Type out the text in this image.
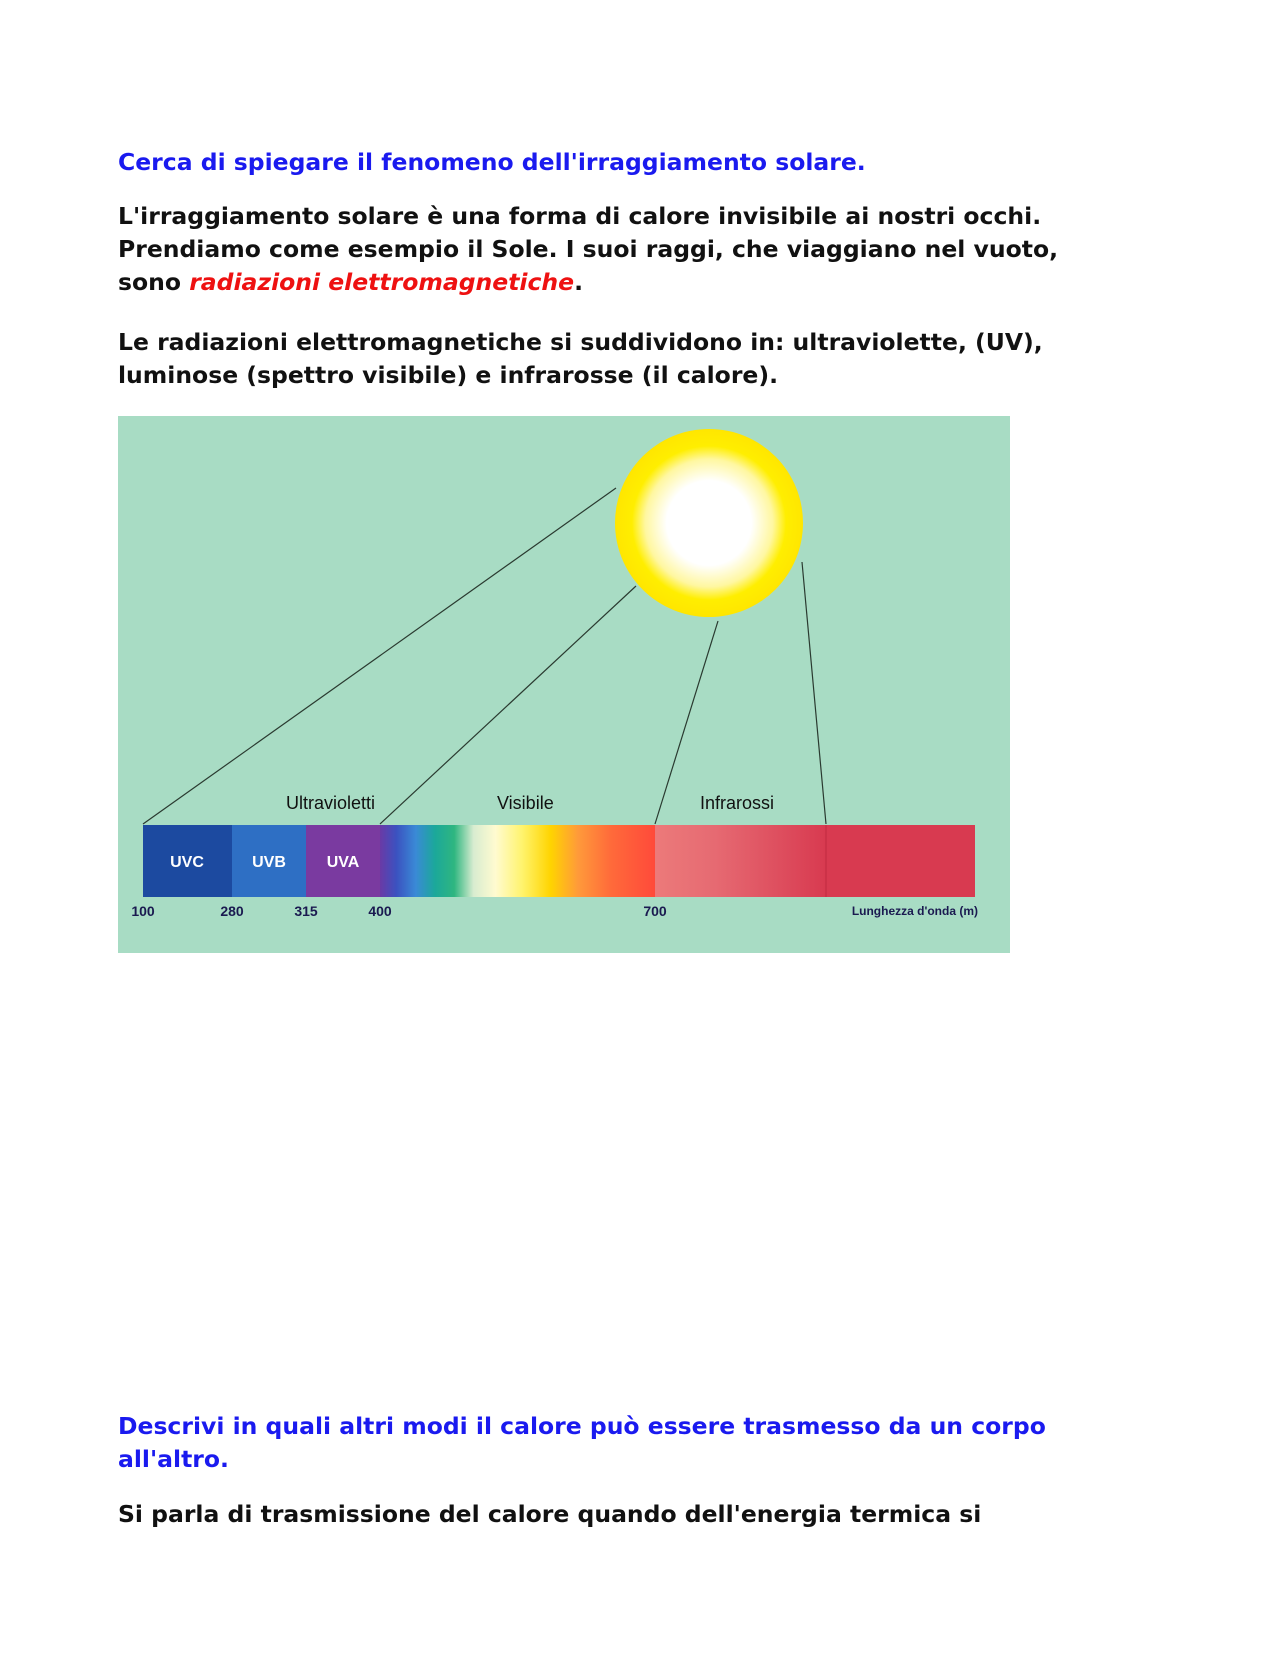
Cerca di spiegare il fenomeno dell'irraggiamento solare.

L'irraggiamento solare è una forma di calore invisibile ai nostri occhi.
Prendiamo come esempio il Sole. I suoi raggi, che viaggiano nel vuoto,
sono radiazioni elettromagnetiche.

Le radiazioni elettromagnetiche si suddividono in: ultraviolette, (UV),
luminose (spettro visibile) e infrarosse (il calore).

Ultravioletti	Visibile	Infrarossi
UVC	UVB	UVA
100	280	315	400	700	Lunghezza d'onda (m)

Descrivi in quali altri modi il calore può essere trasmesso da un corpo
all'altro.

Si parla di trasmissione del calore quando dell'energia termica si
